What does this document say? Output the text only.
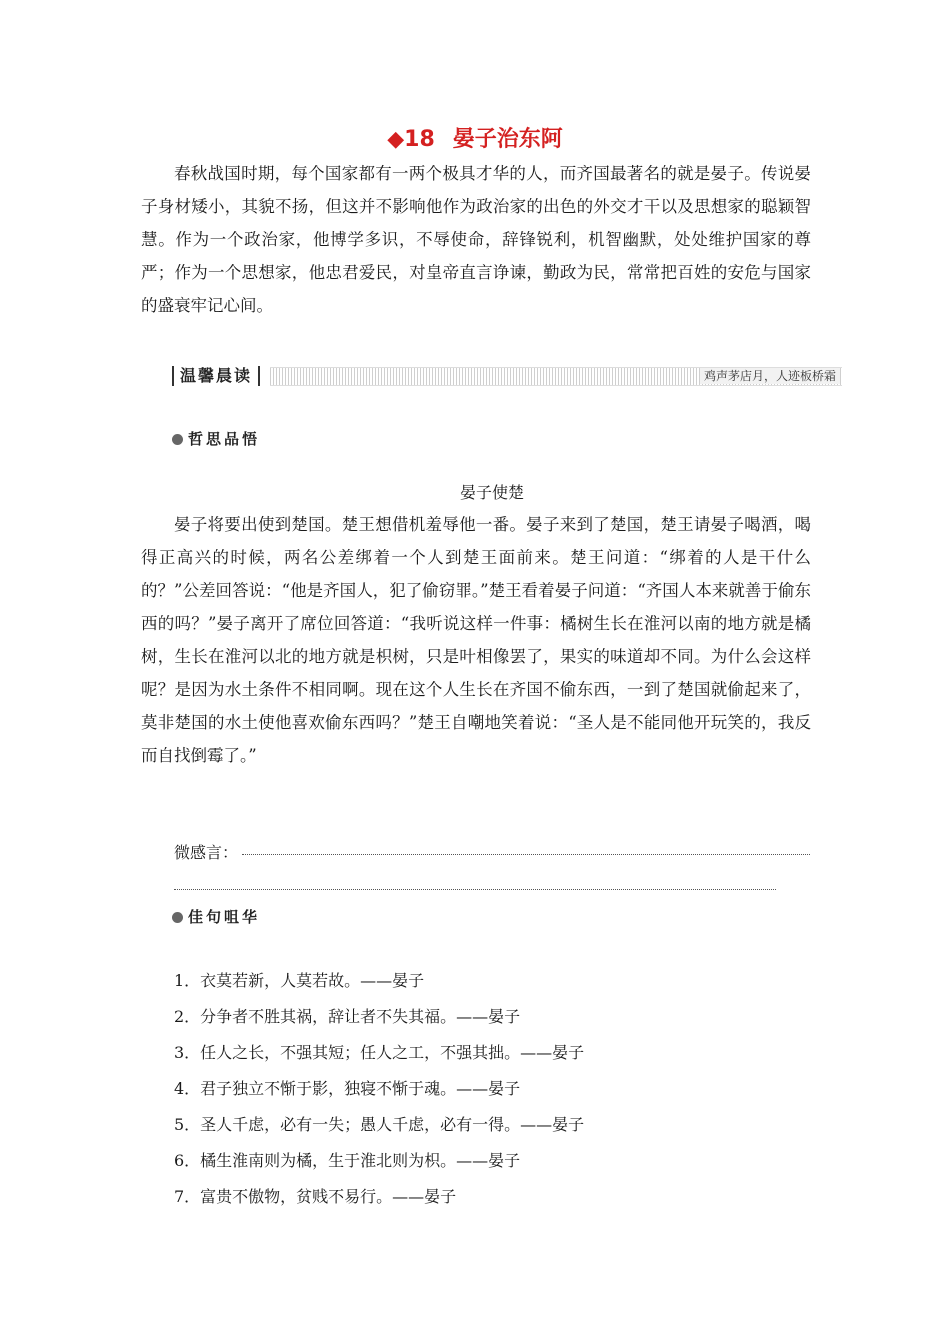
◆18 晏子治东阿

春秋战国时期，每个国家都有一两个极具才华的人，而齐国最著名的就是晏子。传说晏子身材矮小，其貌不扬，但这并不影响他作为政治家的出色的外交才干以及思想家的聪颖智慧。作为一个政治家，他博学多识，不辱使命，辞锋锐利，机智幽默，处处维护国家的尊严；作为一个思想家，他忠君爱民，对皇帝直言诤谏，勤政为民，常常把百姓的安危与国家的盛衰牢记心间。

温馨晨读	鸡声茅店月，人迹板桥霜
哲思品悟
晏子使楚

晏子将要出使到楚国。楚王想借机羞辱他一番。晏子来到了楚国，楚王请晏子喝酒，喝得正高兴的时候，两名公差绑着一个人到楚王面前来。楚王问道：“绑着的人是干什么的？”公差回答说：“他是齐国人，犯了偷窃罪。”楚王看着晏子问道：“齐国人本来就善于偷东西的吗？”晏子离开了席位回答道：“我听说这样一件事：橘树生长在淮河以南的地方就是橘树，生长在淮河以北的地方就是枳树，只是叶相像罢了，果实的味道却不同。为什么会这样呢？是因为水土条件不相同啊。现在这个人生长在齐国不偷东西，一到了楚国就偷起来了，莫非楚国的水土使他喜欢偷东西吗？”楚王自嘲地笑着说：“圣人是不能同他开玩笑的，我反而自找倒霉了。”

微感言：
佳句咀华
1．衣莫若新，人莫若故。——晏子
2．分争者不胜其祸，辞让者不失其福。——晏子
3．任人之长，不强其短；任人之工，不强其拙。——晏子
4．君子独立不惭于影，独寝不惭于魂。——晏子
5．圣人千虑，必有一失；愚人千虑，必有一得。——晏子
6．橘生淮南则为橘，生于淮北则为枳。——晏子
7．富贵不傲物，贫贱不易行。——晏子
